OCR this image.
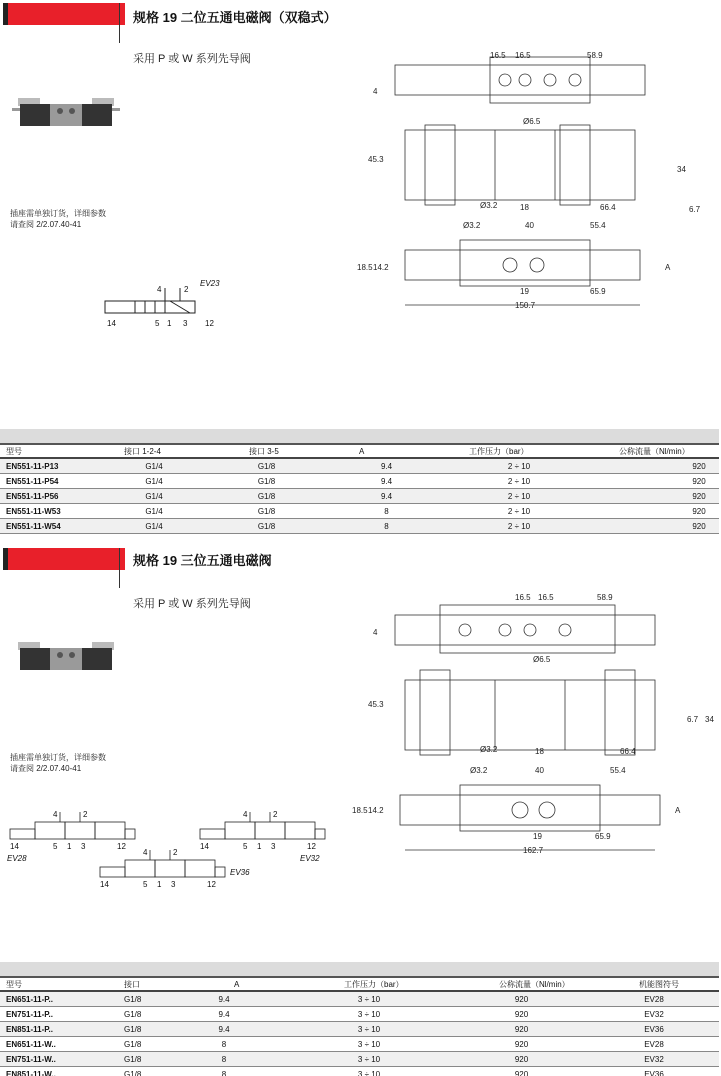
规格 19 二位五通电磁阀（双稳式）
采用 P 或 W 系列先导阀
插座需单独订货，详细参数
请查阅 2/2.07.40-41
14
4	2
5 1 3 12
EV23
16.5 16.5	58.9
4
Ø6.5
45.3
34
6.7
Ø3.2	18	66.4
Ø3.2	40	55.4
18.5 14.2	A
19	65.9
150.7
型号	接口 1-2-4	接口 3-5	A	工作压力（bar）	公称流量（Nl/min）
EN551-11-P13	G1/4	G1/8	9.4	2 ÷ 10	920
EN551-11-P54	G1/4	G1/8	9.4	2 ÷ 10	920
EN551-11-P56	G1/4	G1/8	9.4	2 ÷ 10	920
EN551-11-W53	G1/4	G1/8	8	2 ÷ 10	920
EN551-11-W54	G1/4	G1/8	8	2 ÷ 10	920
规格 19 三位五通电磁阀
采用 P 或 W 系列先导阀
插座需单独订货，详细参数
请查阅 2/2.07.40-41
14
4	2
5 1 3	12
EV28
14
4	2
5 1 3	12
EV32
14
4	2
5 1 3	12
EV36
16.5 16.5	58.9
4
Ø6.5
45.3
6.7 34
Ø3.2	18	66.4
Ø3.2	40	55.4
18.5 14.2	A
19	65.9
162.7
型号	接口	A	工作压力（bar）	公称流量（Nl/min）	机能图符号
EN651-11-P..	G1/8	9.4	3 ÷ 10	920	EV28
EN751-11-P..	G1/8	9.4	3 ÷ 10	920	EV32
EN851-11-P..	G1/8	9.4	3 ÷ 10	920	EV36
EN651-11-W..	G1/8	8	3 ÷ 10	920	EV28
EN751-11-W..	G1/8	8	3 ÷ 10	920	EV32
EN851-11-W..	G1/8	8	3 ÷ 10	920	EV36
